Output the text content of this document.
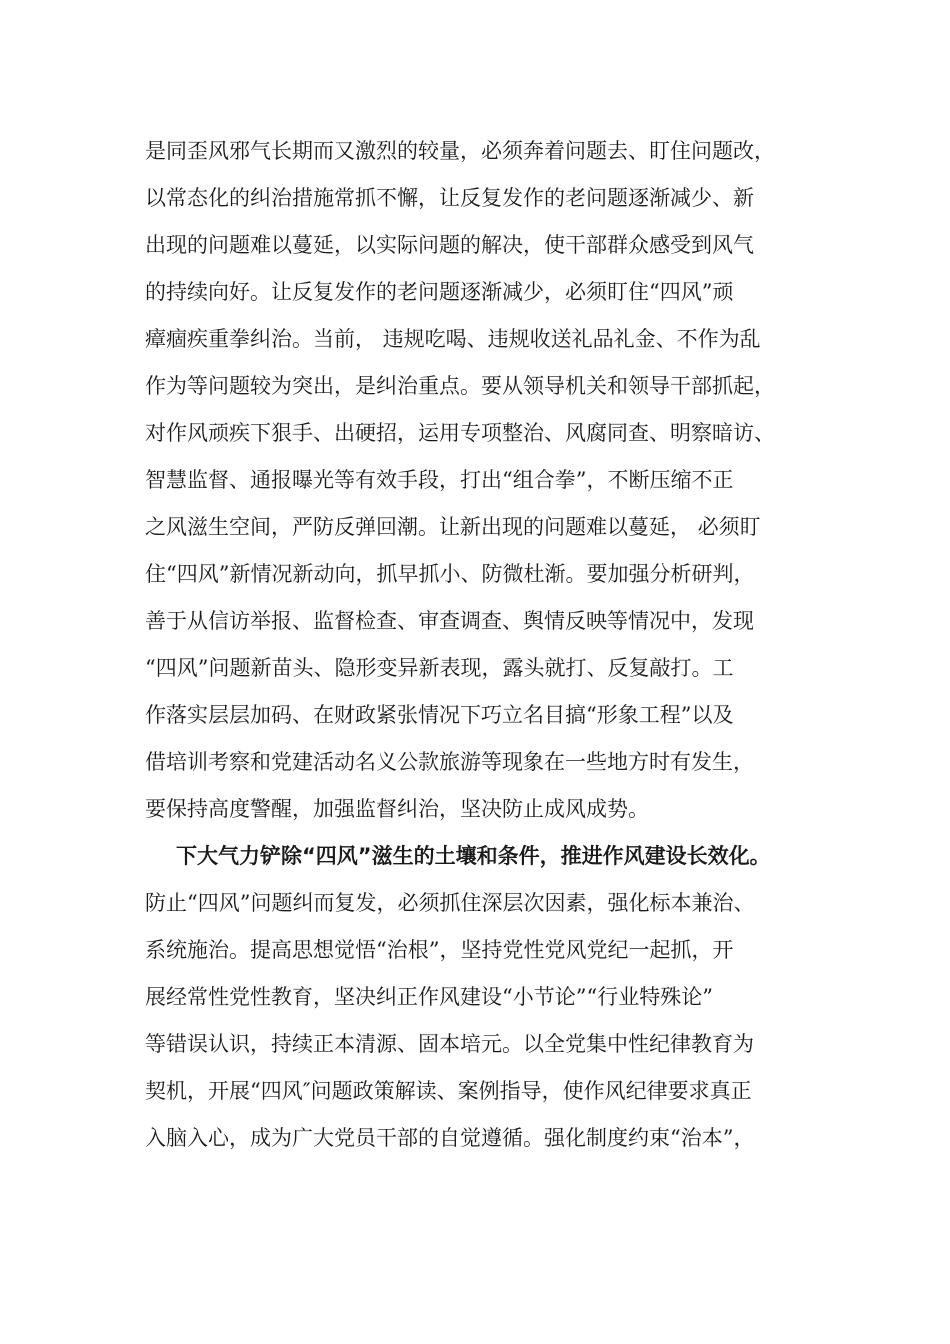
是同歪风邪气长期而又激烈的较量，必须奔着问题去、盯住问题改，
以常态化的纠治措施常抓不懈，让反复发作的老问题逐渐减少、新
出现的问题难以蔓延，以实际问题的解决，使干部群众感受到风气
的持续向好。让反复发作的老问题逐渐减少，必须盯住“四风”顽
瘴痼疾重拳纠治。当前， 违规吃喝、违规收送礼品礼金、不作为乱
作为等问题较为突出，是纠治重点。要从领导机关和领导干部抓起，
对作风顽疾下狠手、出硬招，运用专项整治、风腐同查、明察暗访、
智慧监督、通报曝光等有效手段，打出“组合拳”，不断压缩不正
之风滋生空间，严防反弹回潮。让新出现的问题难以蔓延， 必须盯
住“四风”新情况新动向，抓早抓小、防微杜渐。要加强分析研判，
善于从信访举报、监督检查、审查调查、舆情反映等情况中，发现
“四风”问题新苗头、隐形变异新表现，露头就打、反复敲打。工
作落实层层加码、在财政紧张情况下巧立名目搞“形象工程”以及
借培训考察和党建活动名义公款旅游等现象在一些地方时有发生，
要保持高度警醒，加强监督纠治，坚决防止成风成势。
下大气力铲除“四风”滋生的土壤和条件，推进作风建设长效化。
防止“四风”问题纠而复发，必须抓住深层次因素，强化标本兼治、
系统施治。提高思想觉悟“治根”，坚持党性党风党纪一起抓，开
展经常性党性教育，坚决纠正作风建设“小节论”“行业特殊论”
等错误认识，持续正本清源、固本培元。以全党集中性纪律教育为
契机，开展“四风″问题政策解读、案例指导，使作风纪律要求真正
入脑入心，成为广大党员干部的自觉遵循。强化制度约束“治本”，
